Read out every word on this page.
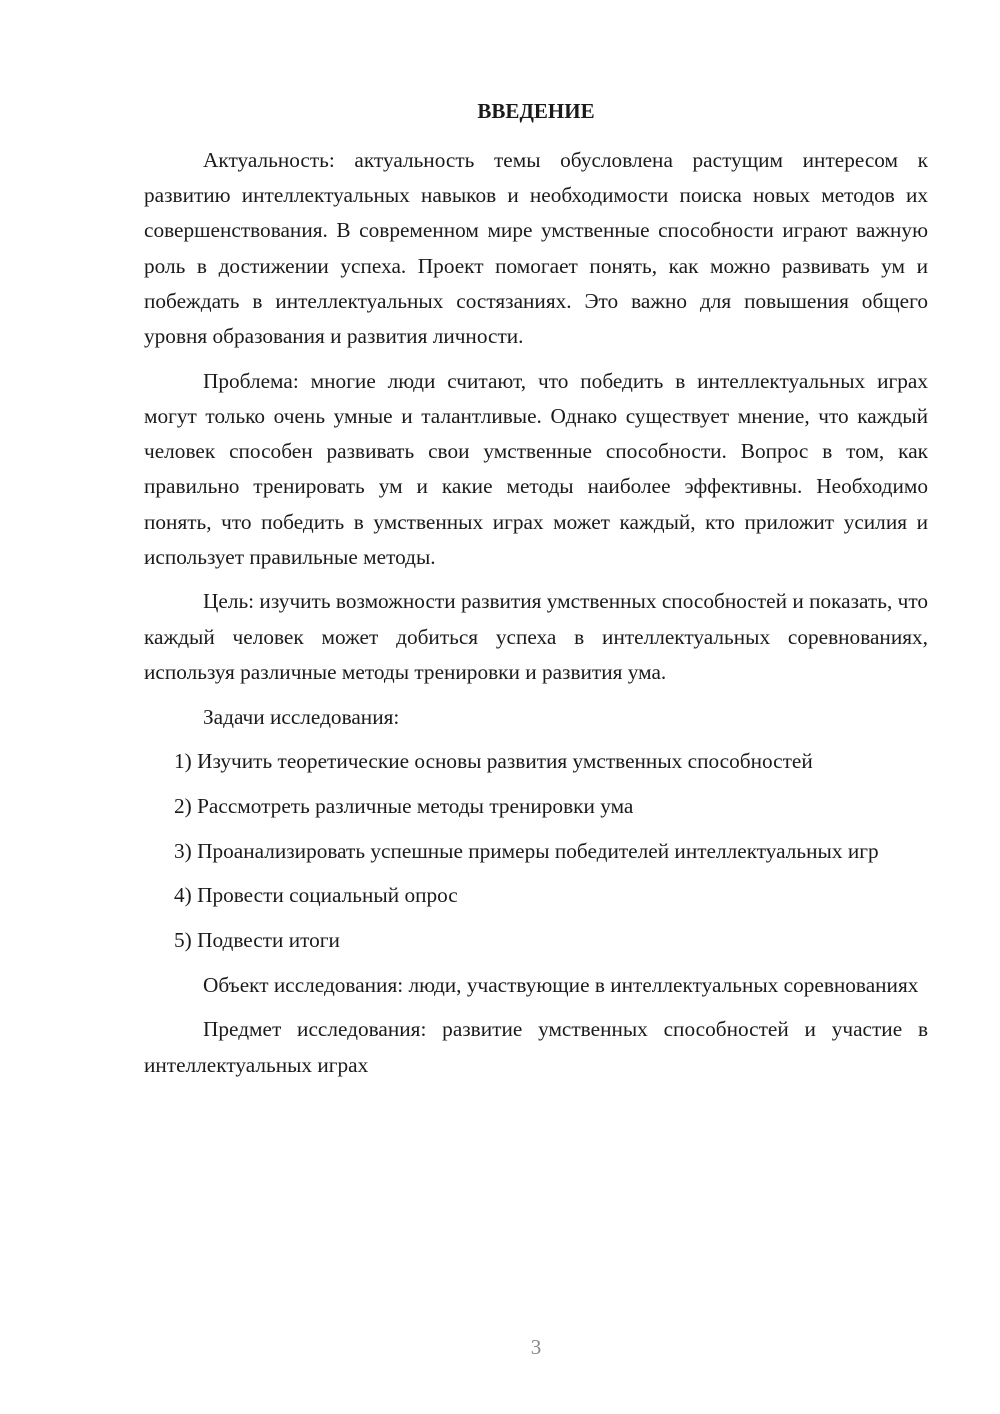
ВВЕДЕНИЕ

Актуальность: актуальность темы обусловлена растущим интересом к развитию интеллектуальных навыков и необходимости поиска новых методов их совершенствования. В современном мире умственные способности играют важную роль в достижении успеха. Проект помогает понять, как можно развивать ум и побеждать в интеллектуальных состязаниях. Это важно для повышения общего уровня образования и развития личности.

Проблема: многие люди считают, что победить в интеллектуальных играх могут только очень умные и талантливые. Однако существует мнение, что каждый человек способен развивать свои умственные способности. Вопрос в том, как правильно тренировать ум и какие методы наиболее эффективны. Необходимо понять, что победить в умственных играх может каждый, кто приложит усилия и использует правильные методы.

Цель: изучить возможности развития умственных способностей и показать, что каждый человек может добиться успеха в интеллектуальных соревнованиях, используя различные методы тренировки и развития ума.

Задачи исследования:

1) Изучить теоретические основы развития умственных способностей

2) Рассмотреть различные методы тренировки ума

3) Проанализировать успешные примеры победителей интеллектуальных игр

4) Провести социальный опрос

5) Подвести итоги

Объект исследования: люди, участвующие в интеллектуальных соревнованиях

Предмет исследования: развитие умственных способностей и участие в интеллектуальных играх

3
